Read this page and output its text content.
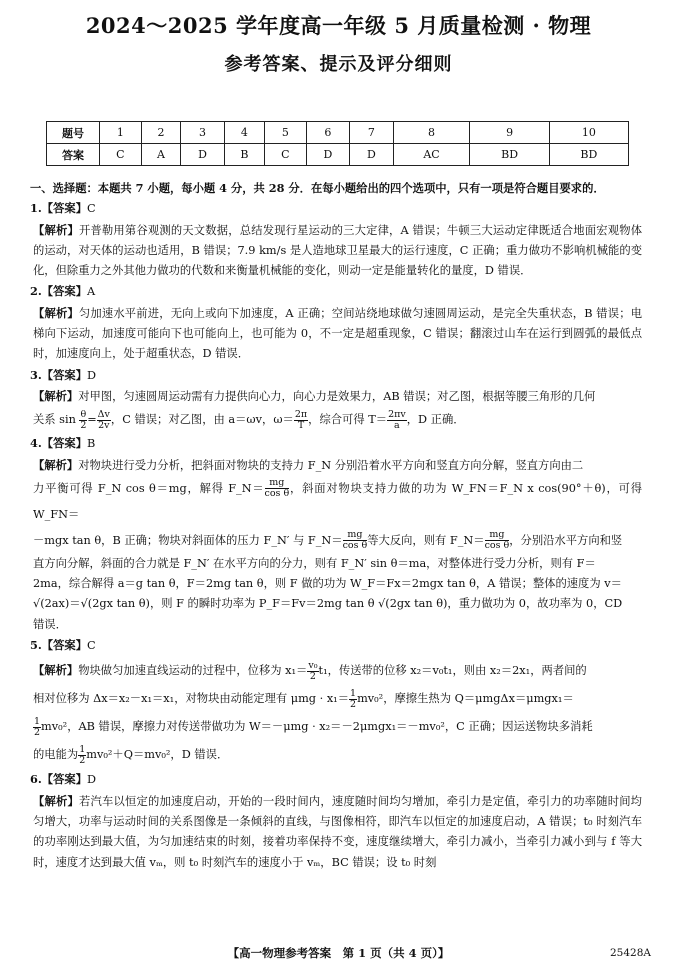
2024～2025 学年度高一年级 5 月质量检测 · 物理
参考答案、提示及评分细则
题号	1	2	3	4	5	6	7	8	9	10
答案	C	A	D	B	C	D	D	AC	BD	BD

一、选择题：本题共 7 小题，每小题 4 分，共 28 分．在每小题给出的四个选项中，只有一项是符合题目要求的．

1.【答案】C

【解析】开普勒用第谷观测的天文数据，总结发现行星运动的三大定律，A 错误；牛顿三大运动定律既适合地面宏观物体的运动，对天体的运动也适用，B 错误；7.9 km/s 是人造地球卫星最大的运行速度，C 正确；重力做功不影响机械能的变化，但除重力之外其他力做功的代数和来衡量机械能的变化，则动一定是能量转化的量度，D 错误．

2.【答案】A

【解析】匀加速水平前进，无向上或向下加速度，A 正确；空间站绕地球做匀速圆周运动，是完全失重状态，B 错误；电梯向下运动，加速度可能向下也可能向上，也可能为 0，不一定是超重现象，C 错误；翻滚过山车在运行到圆弧的最低点时，加速度向上，处于超重状态，D 错误．

3.【答案】D

【解析】对甲图，匀速圆周运动需有力提供向心力，向心力是效果力，AB 错误；对乙图，根据等腰三角形的几何

关系 $\sin \frac{\theta}{2} = \frac{\Delta v}{2v}$ ，C 错误；对乙图，由 a＝ωv，$\omega= \frac{2\pi}{T}$ ，综合可得 $T= \frac{2\pi v}{a}$ ，D 正确．

4.【答案】B

【解析】对物块进行受力分析，把斜面对物块的支持力 F_N 分别沿着水平方向和竖直方向分解，竖直方向由二

力平衡可得 F_N cos θ＝mg，解得 F_N＝ $\frac{mg}{\text{cos θ}}$ ，斜面对物块支持力做的功为 W_FN＝F_N x cos(90°＋θ)，可得 W_FN＝

－mgx tan θ，B 正确；物块对斜面体的压力 F_N′ 与 F_N＝ $\frac{mg}{\text{cos θ}}$ 等大反向，则有 F_N＝ $\frac{mg}{\text{cos θ}}$ ，分别沿水平方向和竖

直方向分解，斜面的合力就是 F_N′ 在水平方向的分力，则有 F_N′ sin θ＝ma，对整体进行受力分析，则有 F＝

2ma，综合解得 a＝g tan θ，F＝2mg tan θ，则 F 做的功为 W_F＝Fx＝2mgx tan θ，A 错误；整体的速度为 v＝

√(2ax)＝√(2gx tan θ)，则 F 的瞬时功率为 P_F＝Fv＝2mg tan θ √(2gx tan θ)，重力做功为 0，故功率为 0，CD

错误．

5.【答案】C

【解析】物块做匀加速直线运动的过程中，位移为 $x_1= \frac{\text{v₀}}{2} t_1$，传送带的位移 x₂＝v₀t₁，则由 x₂＝2x₁，两者间的

相对位移为 Δx＝x₂－x₁＝x₁，对物块由动能定理有 $\mu mg \cdot x_1= \frac{1}{2} mv_0^2$，摩擦生热为 Q＝μmgΔx＝μmgx₁＝

$\frac{1}{2} mv_0^2$，AB 错误，摩擦力对传送带做功为 W＝－μmg · x₂＝－2μmgx₁＝－mv₀²，C 正确；因运送物块多消耗

的电能为 $\frac{1}{2} mv_0^2+Q=mv_0^2$，D 错误．

6.【答案】D

【解析】若汽车以恒定的加速度启动，开始的一段时间内，速度随时间均匀增加，牵引力是定值，牵引力的功率随时间均匀增大，功率与运动时间的关系图像是一条倾斜的直线，与图像相符，即汽车以恒定的加速度启动，A 错误；t₀ 时刻汽车的功率刚达到最大值，为匀加速结束的时刻，接着功率保持不变，速度继续增大，牵引力减小，当牵引力减小到与 f 等大时，速度才达到最大值 vₘ，则 t₀ 时刻汽车的速度小于 vₘ，BC 错误；设 t₀ 时刻

【高一物理参考答案　第 1 页（共 4 页）】	25428A
